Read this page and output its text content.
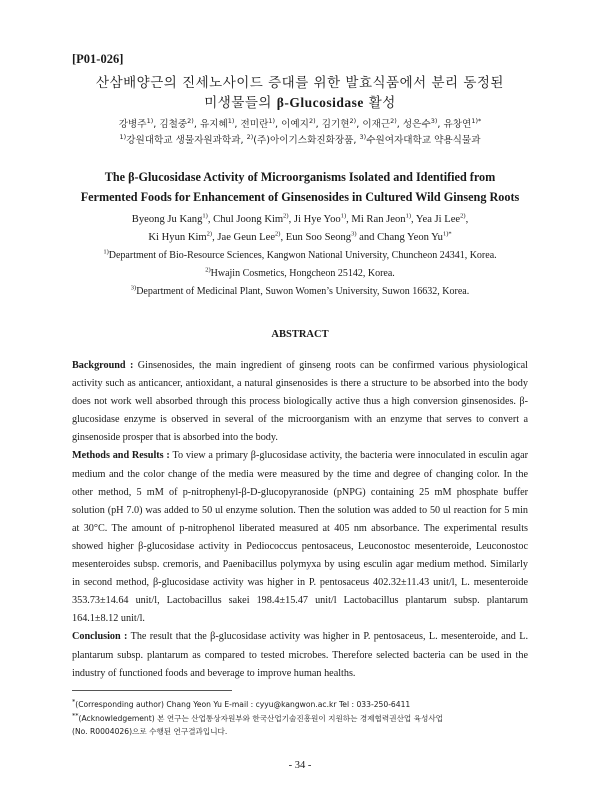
[P01-026]
산삼배양근의 진세노사이드 증대를 위한 발효식품에서 분리 동정된
미생물들의 β-Glucosidase 활성
강병주$^{1)}$, 김철중$^{2)}$, 유지혜$^{1)}$, 전미란$^{1)}$, 이예지$^{2)}$, 김기현$^{2)}$, 이재근$^{2)}$, 성은수$^{3)}$, 유창연$^{1)*}$
$^{1)}$강원대학교 생물자원과학과, $^{2)}$(주)아이기스화진화장품, $^{3)}$수원여자대학교 약용식물과
The β-Glucosidase Activity of Microorganisms Isolated and Identified from
Fermented Foods for Enhancement of Ginsenosides in Cultured Wild Ginseng Roots
Byeong Ju Kang$^{1)}$, Chul Joong Kim$^{2)}$, Ji Hye Yoo$^{1)}$, Mi Ran Jeon$^{1)}$, Yea Ji Lee$^{2)}$,
Ki Hyun Kim$^{2)}$, Jae Geun Lee$^{2)}$, Eun Soo Seong$^{3)}$ and Chang Yeon $Yu^{1)*}$
$^{1)}$Department of Bio-Resource Sciences, Kangwon National University, Chuncheon 24341, Korea.
$^{2)}$Hwajin Cosmetics, Hongcheon 25142, Korea.
$^{3)}$Department of Medicinal Plant, Suwon Women’s University, Suwon 16632, Korea.
ABSTRACT

Background : Ginsenosides, the main ingredient of ginseng roots can be confirmed various physiological activity such as anticancer, antioxidant, a natural ginsenosides is there a structure to be absorbed into the body does not work well absorbed through this process biologically active thus a high conversion ginsenosides. β-glucosidase enzyme is observed in several of the microorganism with an enzyme that serves to convert a ginsenoside prosper that is absorbed into the body.

Methods and Results : To view a primary β-glucosidase activity, the bacteria were innoculated in esculin agar medium and the color change of the media were measured by the time and degree of changing color. In the other method, 5 mM of p-nitrophenyl-β-D-glucopyranoside (pNPG) containing 25 mM phosphate buffer solution (pH 7.0) was added to 50 ul enzyme solution. Then the solution was added to 50 ul reaction for 5 min at 30°C. The amount of p-nitrophenol liberated measured at 405 nm absorbance. The experimental results showed higher β-glucosidase activity in Pediococcus pentosaceus, Leuconostoc mesenteroide, Leuconostoc mesenteroides subsp. cremoris, and Paenibacillus polymyxa by using esculin agar medium method. Similarly in second method, β-glucosidase activity was higher in P. pentosaceus 402.32±11.43 unit/l, L. mesenteroide 353.73±14.64 unit/l, Lactobacillus sakei 198.4±15.47 unit/l Lactobacillus plantarum subsp. plantarum 164.1±8.12 unit/l.

Conclusion : The result that the β-glucosidase activity was higher in P. pentosaceus, L. mesenteroide, and L. plantarum subsp. plantarum as compared to tested microbes. Therefore selected bacteria can be used in the industry of functioned foods and beverage to improve human healths.

*(Corresponding author) Chang Yeon Yu E-mail : cyyu@kangwon.ac.kr Tel : 033-250-6411
**(Acknowledgement) 본 연구는 산업통상자원부와 한국산업기술진흥원이 지원하는 경제협력권산업 육성사업
(No. R0004026)으로 수행된 연구결과입니다.
- 34 -
